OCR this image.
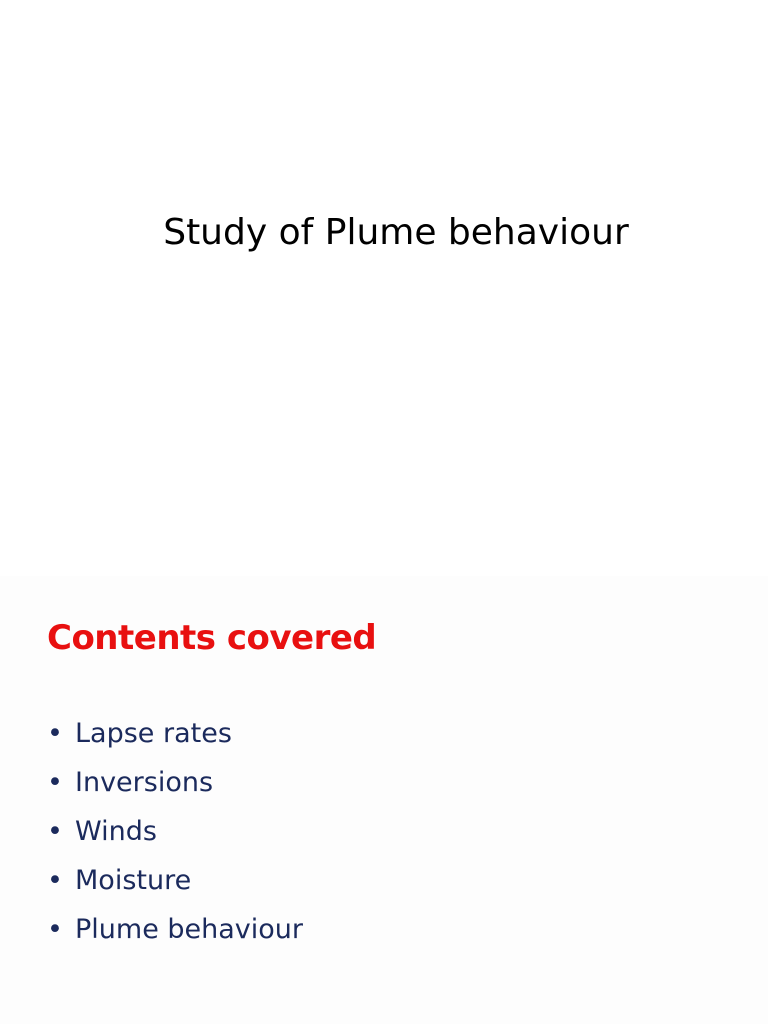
Study of Plume behaviour
Contents covered
• Lapse rates
• Inversions
• Winds
• Moisture
• Plume behaviour
